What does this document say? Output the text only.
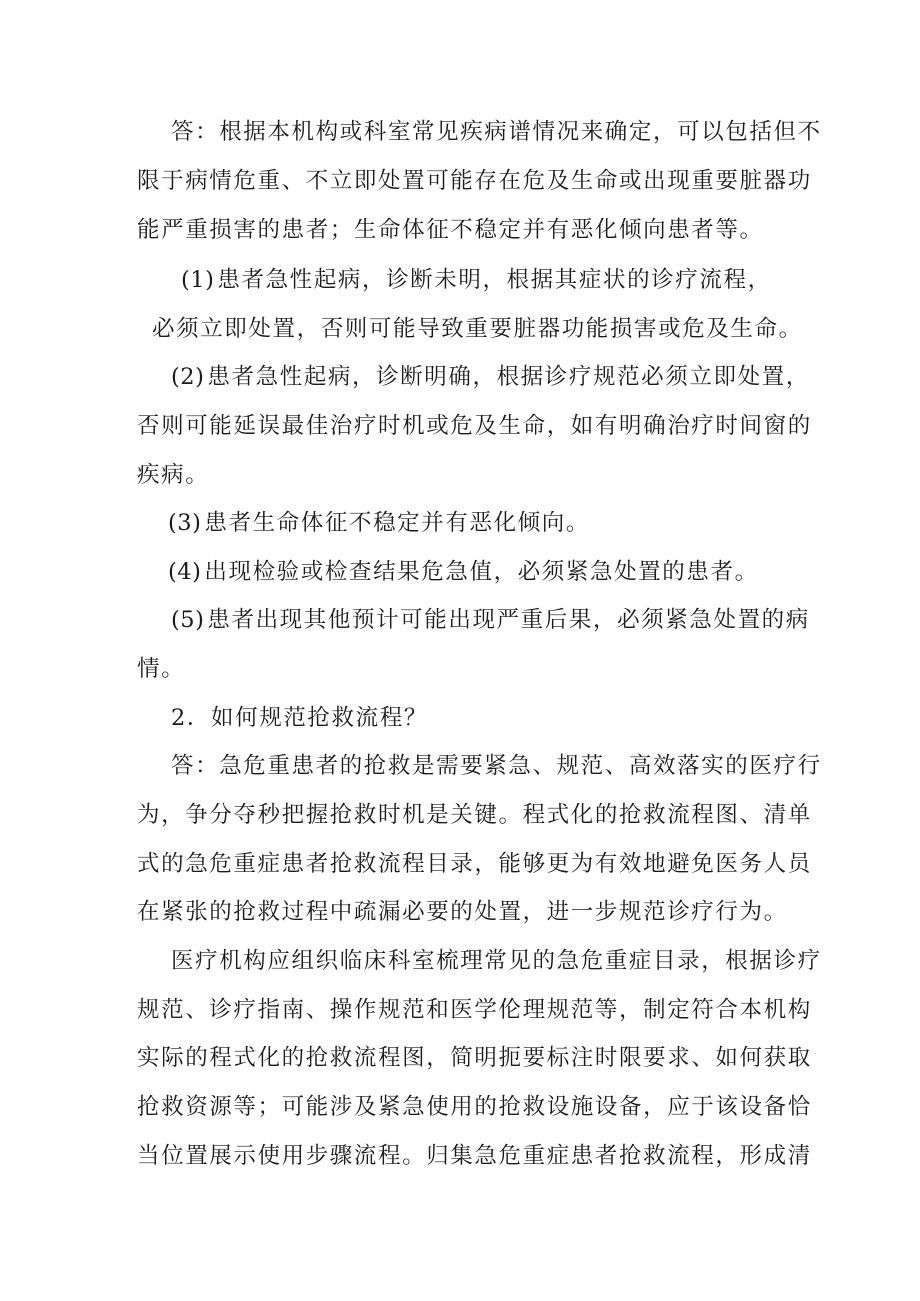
答：根据本机构或科室常见疾病谱情况来确定，可以包括但不
限于病情危重、不立即处置可能存在危及生命或出现重要脏器功
能严重损害的患者；生命体征不稳定并有恶化倾向患者等。
(1) 患者急性起病，诊断未明，根据其症状的诊疗流程，
必须立即处置，否则可能导致重要脏器功能损害或危及生命。
(2) 患者急性起病，诊断明确，根据诊疗规范必须立即处置，
否则可能延误最佳治疗时机或危及生命，如有明确治疗时间窗的
疾病。
(3) 患者生命体征不稳定并有恶化倾向。
(4) 出现检验或检查结果危急值，必须紧急处置的患者。
(5) 患者出现其他预计可能出现严重后果，必须紧急处置的病
情。
2．如何规范抢救流程？
答：急危重患者的抢救是需要紧急、规范、高效落实的医疗行
为，争分夺秒把握抢救时机是关键。程式化的抢救流程图、清单
式的急危重症患者抢救流程目录，能够更为有效地避免医务人员
在紧张的抢救过程中疏漏必要的处置，进一步规范诊疗行为。
医疗机构应组织临床科室梳理常见的急危重症目录，根据诊疗
规范、诊疗指南、操作规范和医学伦理规范等，制定符合本机构
实际的程式化的抢救流程图，简明扼要标注时限要求、如何获取
抢救资源等；可能涉及紧急使用的抢救设施设备，应于该设备恰
当位置展示使用步骤流程。归集急危重症患者抢救流程，形成清
